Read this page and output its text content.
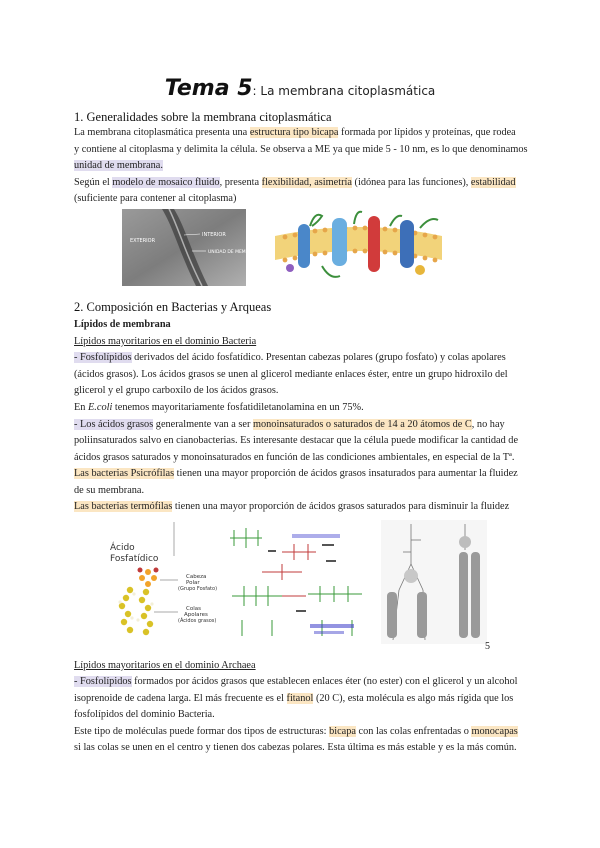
Tema 5: La membrana citoplasmática
1. Generalidades sobre la membrana citoplasmática
La membrana citoplasmática presenta una estructura tipo bicapa formada por lípidos y proteínas, que rodea
y contiene al citoplasma y delimita la célula. Se observa a ME ya que mide 5 - 10 nm, es lo que denominamos
unidad de membrana.
Según el modelo de mosaico fluido, presenta flexibilidad, asimetría (idónea para las funciones), estabilidad
(suficiente para contener al citoplasma)
EXTERIOR
INTERIOR
UNIDAD DE MEMBRANA
2. Composición en Bacterias y Arqueas
Lípidos de membrana
Lípidos mayoritarios en el dominio Bacteria
- Fosfolípidos derivados del ácido fosfatídico. Presentan cabezas polares (grupo fosfato) y colas apolares
(ácidos grasos). Los ácidos grasos se unen al glicerol mediante enlaces éster, entre un grupo hidroxilo del
glicerol y el grupo carboxilo de los ácidos grasos.
En E.coli tenemos mayoritariamente fosfatidiletanolamina en un 75%.
- Los ácidos grasos generalmente van a ser monoinsaturados o saturados de 14 a 20 átomos de C, no hay
poliinsaturados salvo en cianobacterias. Es interesante destacar que la célula puede modificar la cantidad de
ácidos grasos saturados y monoinsaturados en función de las condiciones ambientales, en especial de la Tª.
Las bacterias Psicrófilas tienen una mayor proporción de ácidos grasos insaturados para aumentar la fluidez
de su membrana.
Las bacterias termófilas tienen una mayor proporción de ácidos grasos saturados para disminuir la fluidez
Ácido
Fosfatídico
Cabeza
Polar
(Grupo Fosfato)
Colas
Apolares
(Ácidos grasos)
5
Lípidos mayoritarios en el dominio Archaea
- Fosfolípidos formados por ácidos grasos que establecen enlaces éter (no ester) con el glicerol y un alcohol
isoprenoide de cadena larga. El más frecuente es el fitanol (20 C), esta molécula es algo más rígida que los
fosfolípidos del dominio Bacteria.
Este tipo de moléculas puede formar dos tipos de estructuras: bicapa con las colas enfrentadas o monocapas
si las colas se unen en el centro y tienen dos cabezas polares. Esta última es más estable y es la más común.
